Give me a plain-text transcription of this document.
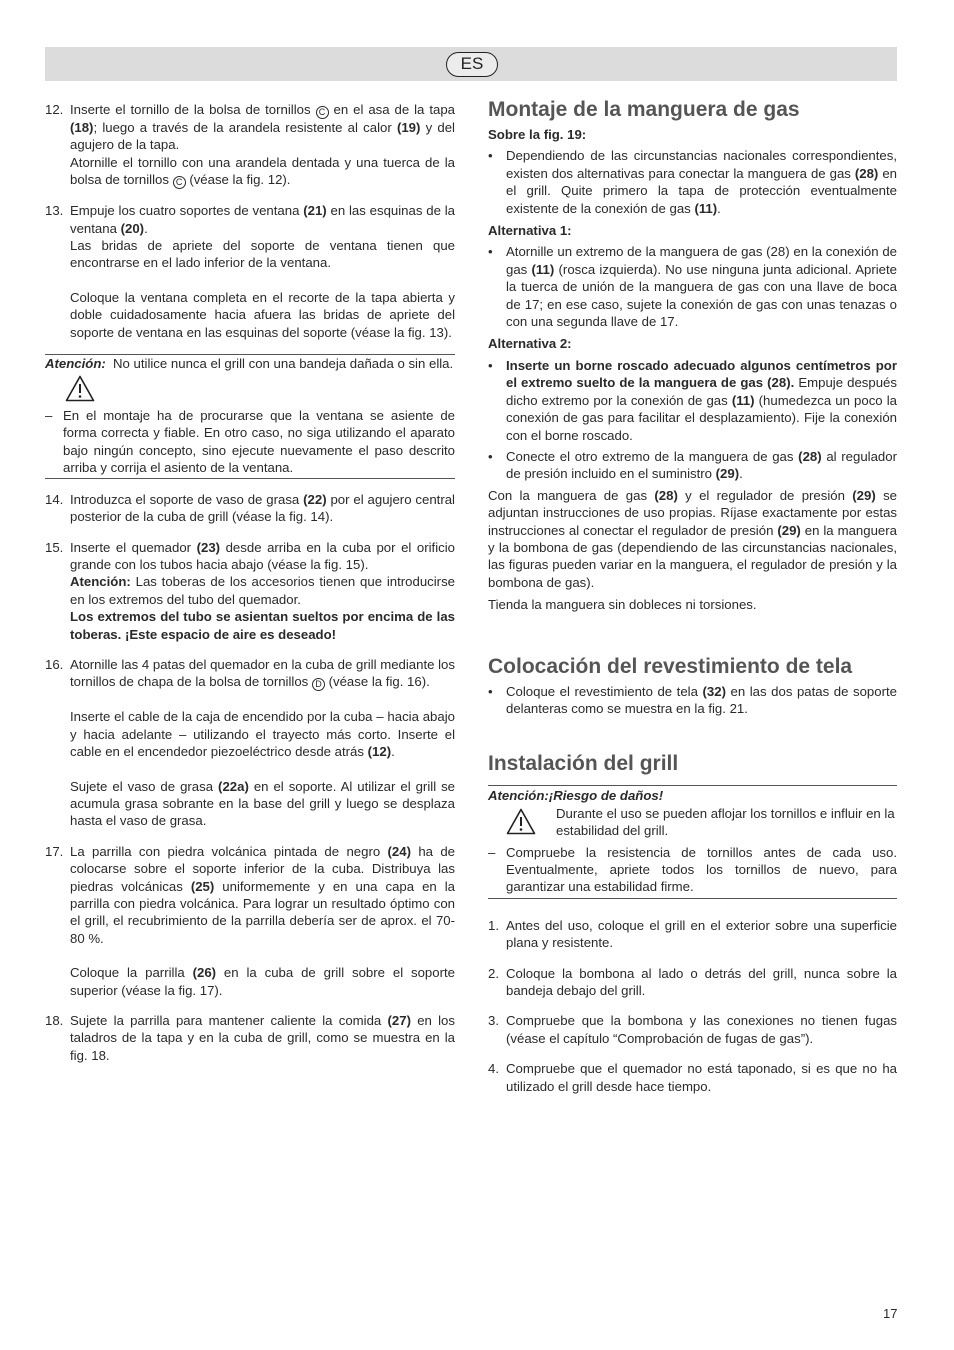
ES
12. Inserte el tornillo de la bolsa de tornillos C en el asa de la tapa (18); luego a través de la arandela resistente al calor (19) y del agujero de la tapa.
Atornille el tornillo con una arandela dentada y una tuerca de la bolsa de tornillos C (véase la fig. 12).

13. Empuje los cuatro soportes de ventana (21) en las esquinas de la ventana (20).
Las bridas de apriete del soporte de ventana tienen que encontrarse en el lado inferior de la ventana.

Coloque la ventana completa en el recorte de la tapa abierta y doble cuidadosamente hacia afuera las bridas de apriete del soporte de ventana en las esquinas del soporte (véase la fig. 13).

Atención: No utilice nunca el grill con una bandeja dañada o sin ella.
– En el montaje ha de procurarse que la ventana se asiente de forma correcta y fiable. En otro caso, no siga utilizando el aparato bajo ningún concepto, sino ejecute nuevamente el paso descrito arriba y corrija el asiento de la ventana.
14. Introduzca el soporte de vaso de grasa (22) por el agujero central posterior de la cuba de grill (véase la fig. 14).

15. Inserte el quemador (23) desde arriba en la cuba por el orificio grande con los tubos hacia abajo (véase la fig. 15).
Atención: Las toberas de los accesorios tienen que introducirse en los extremos del tubo del quemador.
Los extremos del tubo se asientan sueltos por encima de las toberas. ¡Este espacio de aire es deseado!

16. Atornille las 4 patas del quemador en la cuba de grill mediante los tornillos de chapa de la bolsa de tornillos D (véase la fig. 16).

Inserte el cable de la caja de encendido por la cuba – hacia abajo y hacia adelante – utilizando el trayecto más corto. Inserte el cable en el encendedor piezoeléctrico desde atrás (12).

Sujete el vaso de grasa (22a) en el soporte. Al utilizar el grill se acumula grasa sobrante en la base del grill y luego se desplaza hasta el vaso de grasa.

17. La parrilla con piedra volcánica pintada de negro (24) ha de colocarse sobre el soporte inferior de la cuba. Distribuya las piedras volcánicas (25) uniformemente y en una capa en la parrilla con piedra volcánica. Para lograr un resultado óptimo con el grill, el recubrimiento de la parrilla debería ser de aprox. el 70-80 %.

Coloque la parrilla (26) en la cuba de grill sobre el soporte superior (véase la fig. 17).

18. Sujete la parrilla para mantener caliente la comida (27) en los taladros de la tapa y en la cuba de grill, como se muestra en la fig. 18.

Montaje de la manguera de gas
Sobre la fig. 19:
• Dependiendo de las circunstancias nacionales correspondientes, existen dos alternativas para conectar la manguera de gas (28) en el grill. Quite primero la tapa de protección eventualmente existente de la conexión de gas (11).
Alternativa 1:
• Atornille un extremo de la manguera de gas (28) en la conexión de gas (11) (rosca izquierda). No use ninguna junta adicional. Apriete la tuerca de unión de la manguera de gas con una llave de boca de 17; en ese caso, sujete la conexión de gas con unas tenazas o con una segunda llave de 17.
Alternativa 2:
• Inserte un borne roscado adecuado algunos centímetros por el extremo suelto de la manguera de gas (28). Empuje después dicho extremo por la conexión de gas (11) (humedezca un poco la conexión de gas para facilitar el desplazamiento). Fije la conexión con el borne roscado.
• Conecte el otro extremo de la manguera de gas (28) al regulador de presión incluido en el suministro (29).
Con la manguera de gas (28) y el regulador de presión (29) se adjuntan instrucciones de uso propias. Ríjase exactamente por estas instrucciones al conectar el regulador de presión (29) en la manguera y la bombona de gas (dependiendo de las circunstancias nacionales, las figuras pueden variar en la manguera, el regulador de presión y la bombona de gas).
Tienda la manguera sin dobleces ni torsiones.
Colocación del revestimiento de tela
• Coloque el revestimiento de tela (32) en las dos patas de soporte delanteras como se muestra en la fig. 21.
Instalación del grill
Atención:¡Riesgo de daños!
Durante el uso se pueden aflojar los tornillos e influir en la estabilidad del grill.
– Compruebe la resistencia de tornillos antes de cada uso. Eventualmente, apriete todos los tornillos de nuevo, para garantizar una estabilidad firme.
1. Antes del uso, coloque el grill en el exterior sobre una superficie plana y resistente.
2. Coloque la bombona al lado o detrás del grill, nunca sobre la bandeja debajo del grill.
3. Compruebe que la bombona y las conexiones no tienen fugas (véase el capítulo “Comprobación de fugas de gas”).
4. Compruebe que el quemador no está taponado, si es que no ha utilizado el grill desde hace tiempo.
17
